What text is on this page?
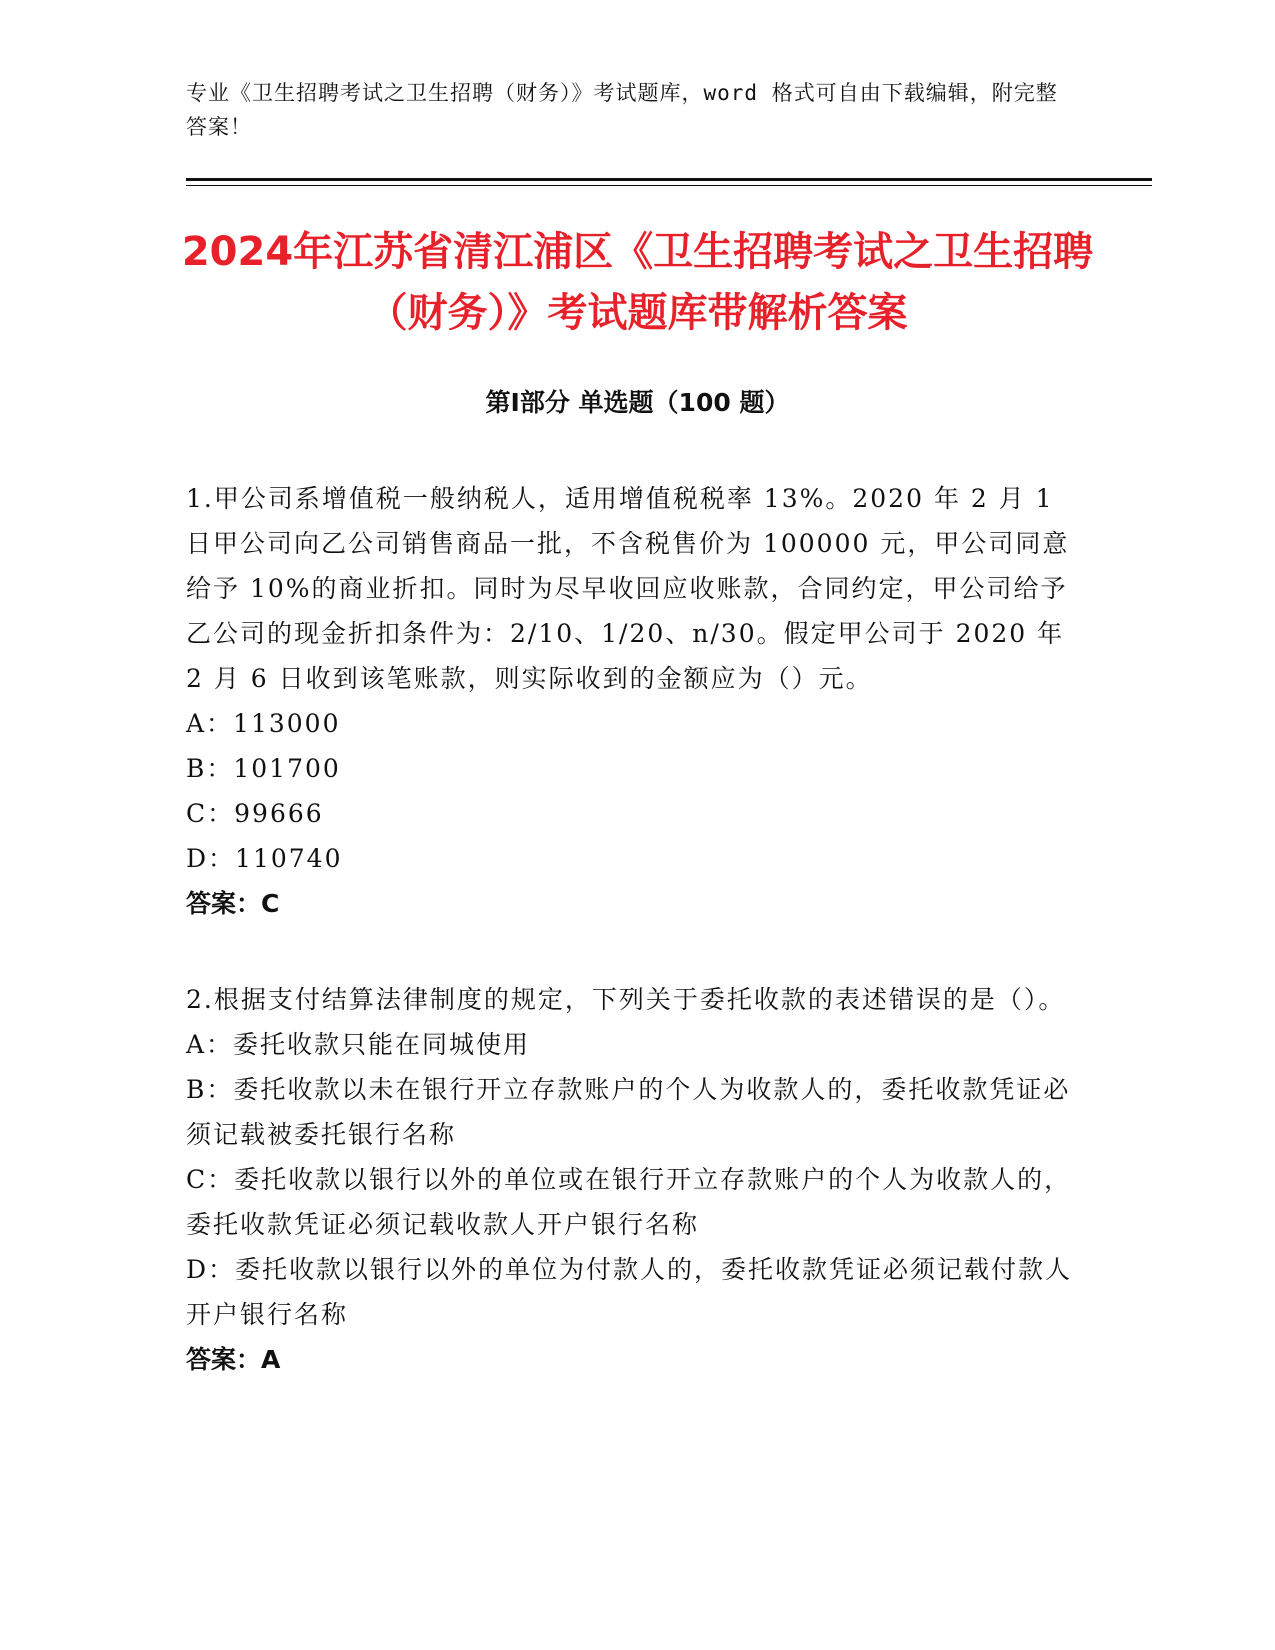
专业《卫生招聘考试之卫生招聘（财务）》考试题库，word 格式可自由下载编辑，附完整答案！
2024年江苏省清江浦区《卫生招聘考试之卫生招聘（财务）》考试题库带解析答案
第Ⅰ部分 单选题（100 题）

1.甲公司系增值税一般纳税人，适用增值税税率 13%。2020 年 2 月 1 日甲公司向乙公司销售商品一批，不含税售价为 100000 元，甲公司同意给予 10%的商业折扣。同时为尽早收回应收账款，合同约定，甲公司给予乙公司的现金折扣条件为：2/10、1/20、n/30。假定甲公司于 2020 年 2 月 6 日收到该笔账款，则实际收到的金额应为（）元。

A：113000

B：101700

C：99666

D：110740

答案：C

2.根据支付结算法律制度的规定，下列关于委托收款的表述错误的是（）。

A：委托收款只能在同城使用

B：委托收款以未在银行开立存款账户的个人为收款人的，委托收款凭证必须记载被委托银行名称

C：委托收款以银行以外的单位或在银行开立存款账户的个人为收款人的，委托收款凭证必须记载收款人开户银行名称

D：委托收款以银行以外的单位为付款人的，委托收款凭证必须记载付款人开户银行名称

答案：A
